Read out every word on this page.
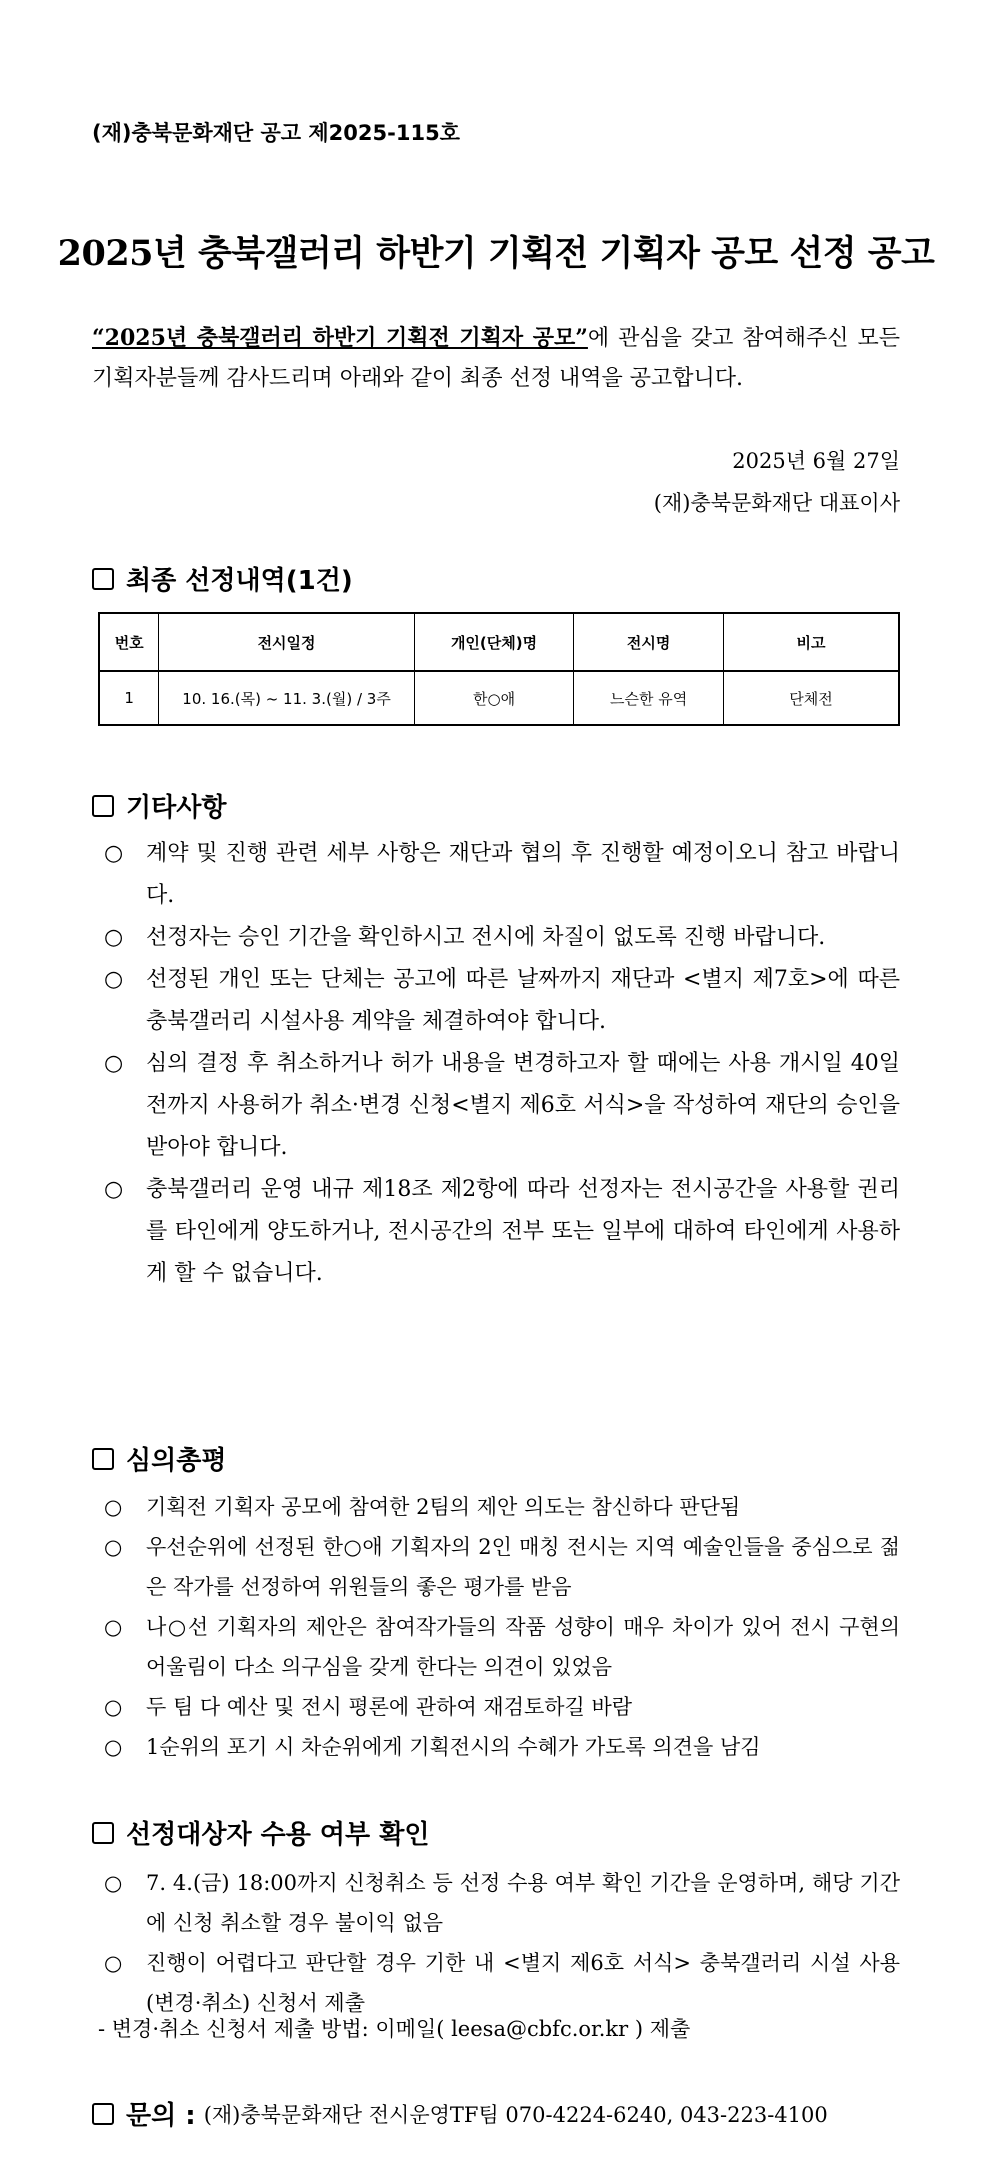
(재)충북문화재단 공고 제2025-115호
2025년 충북갤러리 하반기 기획전 기획자 공모 선정 공고

“2025년 충북갤러리 하반기 기획전 기획자 공모”에 관심을 갖고 참여해주신 모든 기획자분들께 감사드리며 아래와 같이 최종 선정 내역을 공고합니다.

2025년 6월 27일
(재)충북문화재단 대표이사
최종 선정내역(1건)
번호	전시일정	개인(단체)명	전시명	비고
1	10. 16.(목) ~ 11. 3.(월) / 3주	한○애	느슨한 유역	단체전
기타사항
○ 계약 및 진행 관련 세부 사항은 재단과 협의 후 진행할 예정이오니 참고 바랍니다.
○ 선정자는 승인 기간을 확인하시고 전시에 차질이 없도록 진행 바랍니다.
○ 선정된 개인 또는 단체는 공고에 따른 날짜까지 재단과 <별지 제7호>에 따른 충북갤러리 시설사용 계약을 체결하여야 합니다.
○ 심의 결정 후 취소하거나 허가 내용을 변경하고자 할 때에는 사용 개시일 40일 전까지 사용허가 취소·변경 신청<별지 제6호 서식>을 작성하여 재단의 승인을 받아야 합니다.
○ 충북갤러리 운영 내규 제18조 제2항에 따라 선정자는 전시공간을 사용할 권리를 타인에게 양도하거나, 전시공간의 전부 또는 일부에 대하여 타인에게 사용하게 할 수 없습니다.
심의총평
○ 기획전 기획자 공모에 참여한 2팀의 제안 의도는 참신하다 판단됨
○ 우선순위에 선정된 한○애 기획자의 2인 매칭 전시는 지역 예술인들을 중심으로 젊은 작가를 선정하여 위원들의 좋은 평가를 받음
○ 나○선 기획자의 제안은 참여작가들의 작품 성향이 매우 차이가 있어 전시 구현의 어울림이 다소 의구심을 갖게 한다는 의견이 있었음
○ 두 팀 다 예산 및 전시 평론에 관하여 재검토하길 바람
○ 1순위의 포기 시 차순위에게 기획전시의 수혜가 가도록 의견을 남김
선정대상자 수용 여부 확인
○ 7. 4.(금) 18:00까지 신청취소 등 선정 수용 여부 확인 기간을 운영하며, 해당 기간에 신청 취소할 경우 불이익 없음
○ 진행이 어렵다고 판단할 경우 기한 내 <별지 제6호 서식> 충북갤러리 시설 사용 (변경·취소) 신청서 제출
- 변경·취소 신청서 제출 방법: 이메일( leesa@cbfc.or.kr ) 제출
문의 : (재)충북문화재단 전시운영TF팀 070-4224-6240, 043-223-4100
